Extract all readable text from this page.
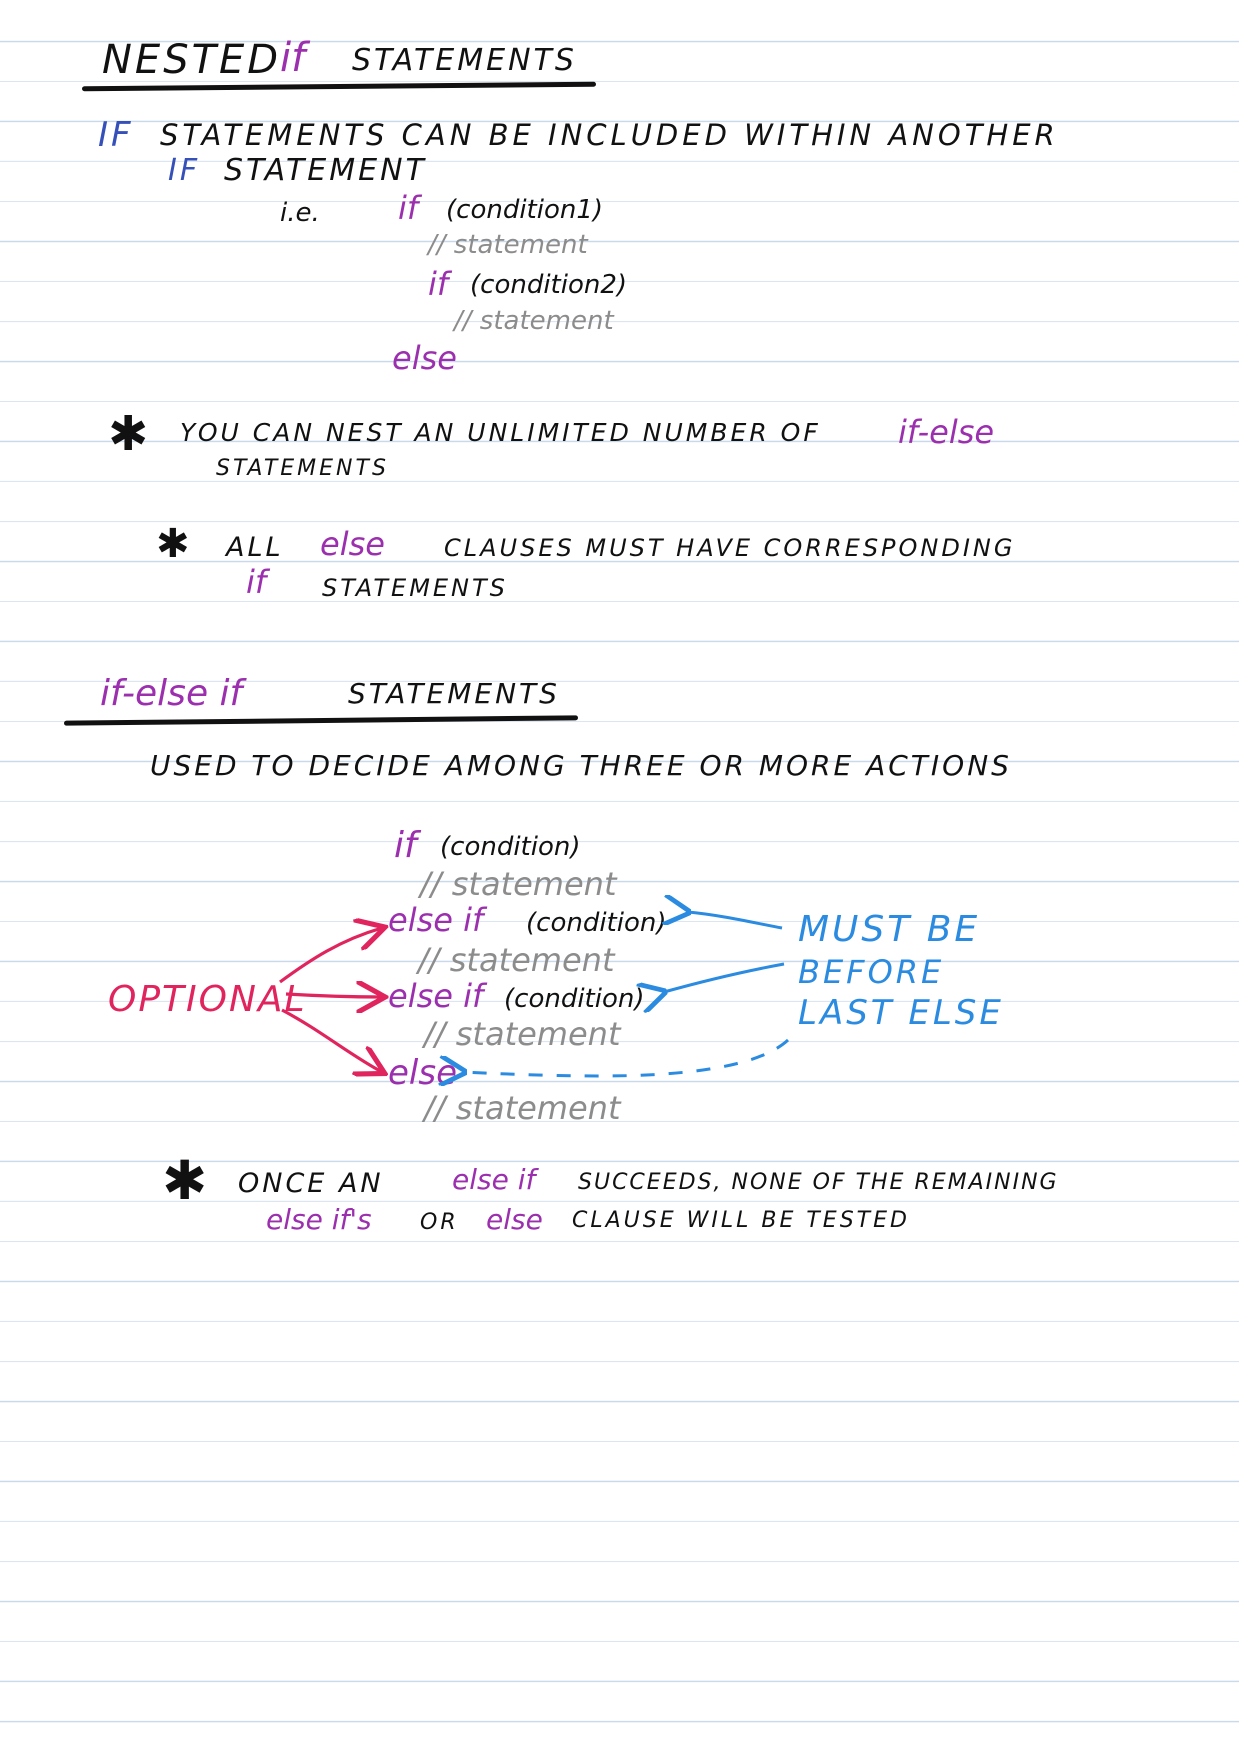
NESTED
if STATEMENTS
IF STATEMENTS CAN BE INCLUDED WITHIN ANOTHER
IF STATEMENT
i.e. if (condition1)
// statement
if (condition2)
// statement
else
✱ YOU CAN NEST AN UNLIMITED NUMBER OF if-else
STATEMENTS
✱ ALL else CLAUSES MUST HAVE CORRESPONDING
if STATEMENTS
if-else if	STATEMENTS
USED TO DECIDE AMONG THREE OR MORE ACTIONS
if (condition)
// statement
else if (condition)
// statement
else if (condition)
// statement
else
// statement
OPTIONAL
MUST BE
BEFORE
LAST ELSE
✱ ONCE AN else if SUCCEEDS, NONE OF THE REMAINING
else if's OR else CLAUSE WILL BE TESTED
